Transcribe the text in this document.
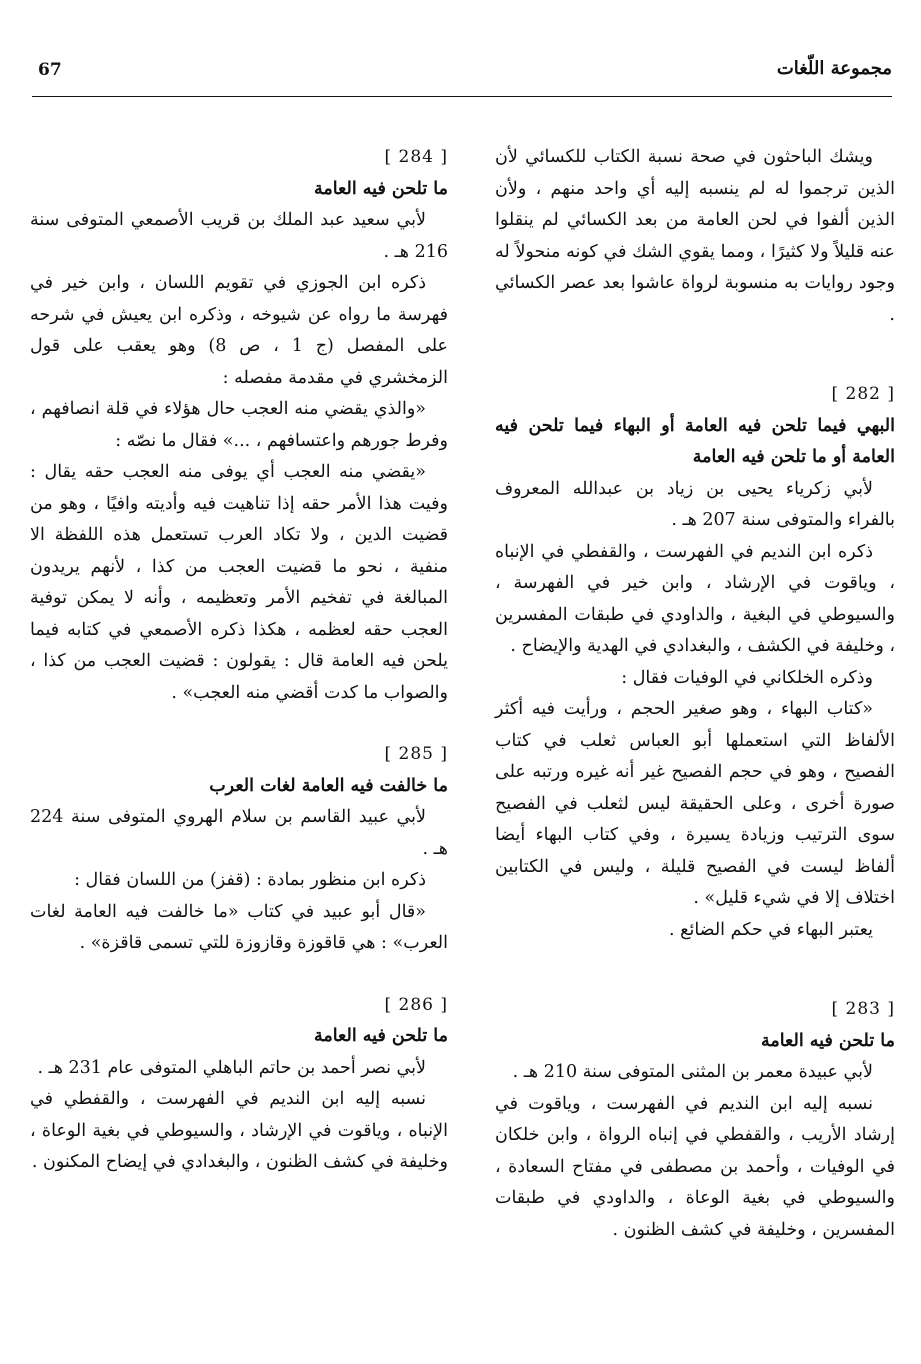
67	مجموعة اللّغات

ويشك الباحثون في صحة نسبة الكتاب للكسائي لأن الذين ترجموا له لم ينسبه إليه أي واحد منهم ، ولأن الذين ألفوا في لحن العامة من بعد الكسائي لم ينقلوا عنه قليلاً ولا كثيرًا ، ومما يقوي الشك في كونه منحولاً له وجود روايات به منسوبة لرواة عاشوا بعد عصر الكسائي .

[ 282 ]

البهي فيما تلحن فيه العامة أو البهاء فيما تلحن فيه العامة أو ما تلحن فيه العامة

لأبي زكرياء يحيى بن زياد بن عبدالله المعروف بالفراء والمتوفى سنة 207 هـ .

ذكره ابن النديم في الفهرست ، والقفطي في الإنباه ، وياقوت في الإرشاد ، وابن خير في الفهرسة ، والسيوطي في البغية ، والداودي في طبقات المفسرين ، وخليفة في الكشف ، والبغدادي في الهدية والإيضاح .

وذكره الخلكاني في الوفيات فقال :

«كتاب البهاء ، وهو صغير الحجم ، ورأيت فيه أكثر الألفاظ التي استعملها أبو العباس ثعلب في كتاب الفصيح ، وهو في حجم الفصيح غير أنه غيره ورتبه على صورة أخرى ، وعلى الحقيقة ليس لثعلب في الفصيح سوى الترتيب وزيادة يسيرة ، وفي كتاب البهاء أيضا ألفاظ ليست في الفصيح قليلة ، وليس في الكتابين اختلاف إلا في شيء قليل» .

يعتبر البهاء في حكم الضائع .

[ 283 ]

ما تلحن فيه العامة

لأبي عبيدة معمر بن المثنى المتوفى سنة 210 هـ .

نسبه إليه ابن النديم في الفهرست ، وياقوت في إرشاد الأريب ، والقفطي في إنباه الرواة ، وابن خلكان في الوفيات ، وأحمد بن مصطفى في مفتاح السعادة ، والسيوطي في بغية الوعاة ، والداودي في طبقات المفسرين ، وخليفة في كشف الظنون .

[ 284 ]

ما تلحن فيه العامة

لأبي سعيد عبد الملك بن قريب الأصمعي المتوفى سنة 216 هـ .

ذكره ابن الجوزي في تقويم اللسان ، وابن خير في فهرسة ما رواه عن شيوخه ، وذكره ابن يعيش في شرحه على المفصل (ج 1 ، ص 8) وهو يعقب على قول الزمخشري في مقدمة مفصله :

«والذي يقضي منه العجب حال هؤلاء في قلة انصافهم ، وفرط جورهم واعتسافهم ، ...» فقال ما نصّه :

«يقضي منه العجب أي يوفى منه العجب حقه يقال : وفيت هذا الأمر حقه إذا تناهيت فيه وأديته وافيًا ، وهو من قضيت الدين ، ولا تكاد العرب تستعمل هذه اللفظة الا منفية ، نحو ما قضيت العجب من كذا ، لأنهم يريدون المبالغة في تفخيم الأمر وتعظيمه ، وأنه لا يمكن توفية العجب حقه لعظمه ، هكذا ذكره الأصمعي في كتابه فيما يلحن فيه العامة قال : يقولون : قضيت العجب من كذا ، والصواب ما كدت أقضي منه العجب» .

[ 285 ]

ما خالفت فيه العامة لغات العرب

لأبي عبيد القاسم بن سلام الهروي المتوفى سنة 224 هـ .

ذكره ابن منظور بمادة : (قفز) من اللسان فقال :

«قال أبو عبيد في كتاب «ما خالفت فيه العامة لغات العرب» : هي قاقوزة وقازوزة للتي تسمى قاقزة» .

[ 286 ]

ما تلحن فيه العامة

لأبي نصر أحمد بن حاتم الباهلي المتوفى عام 231 هـ .

نسبه إليه ابن النديم في الفهرست ، والقفطي في الإنباه ، وياقوت في الإرشاد ، والسيوطي في بغية الوعاة ، وخليفة في كشف الظنون ، والبغدادي في إيضاح المكنون .
